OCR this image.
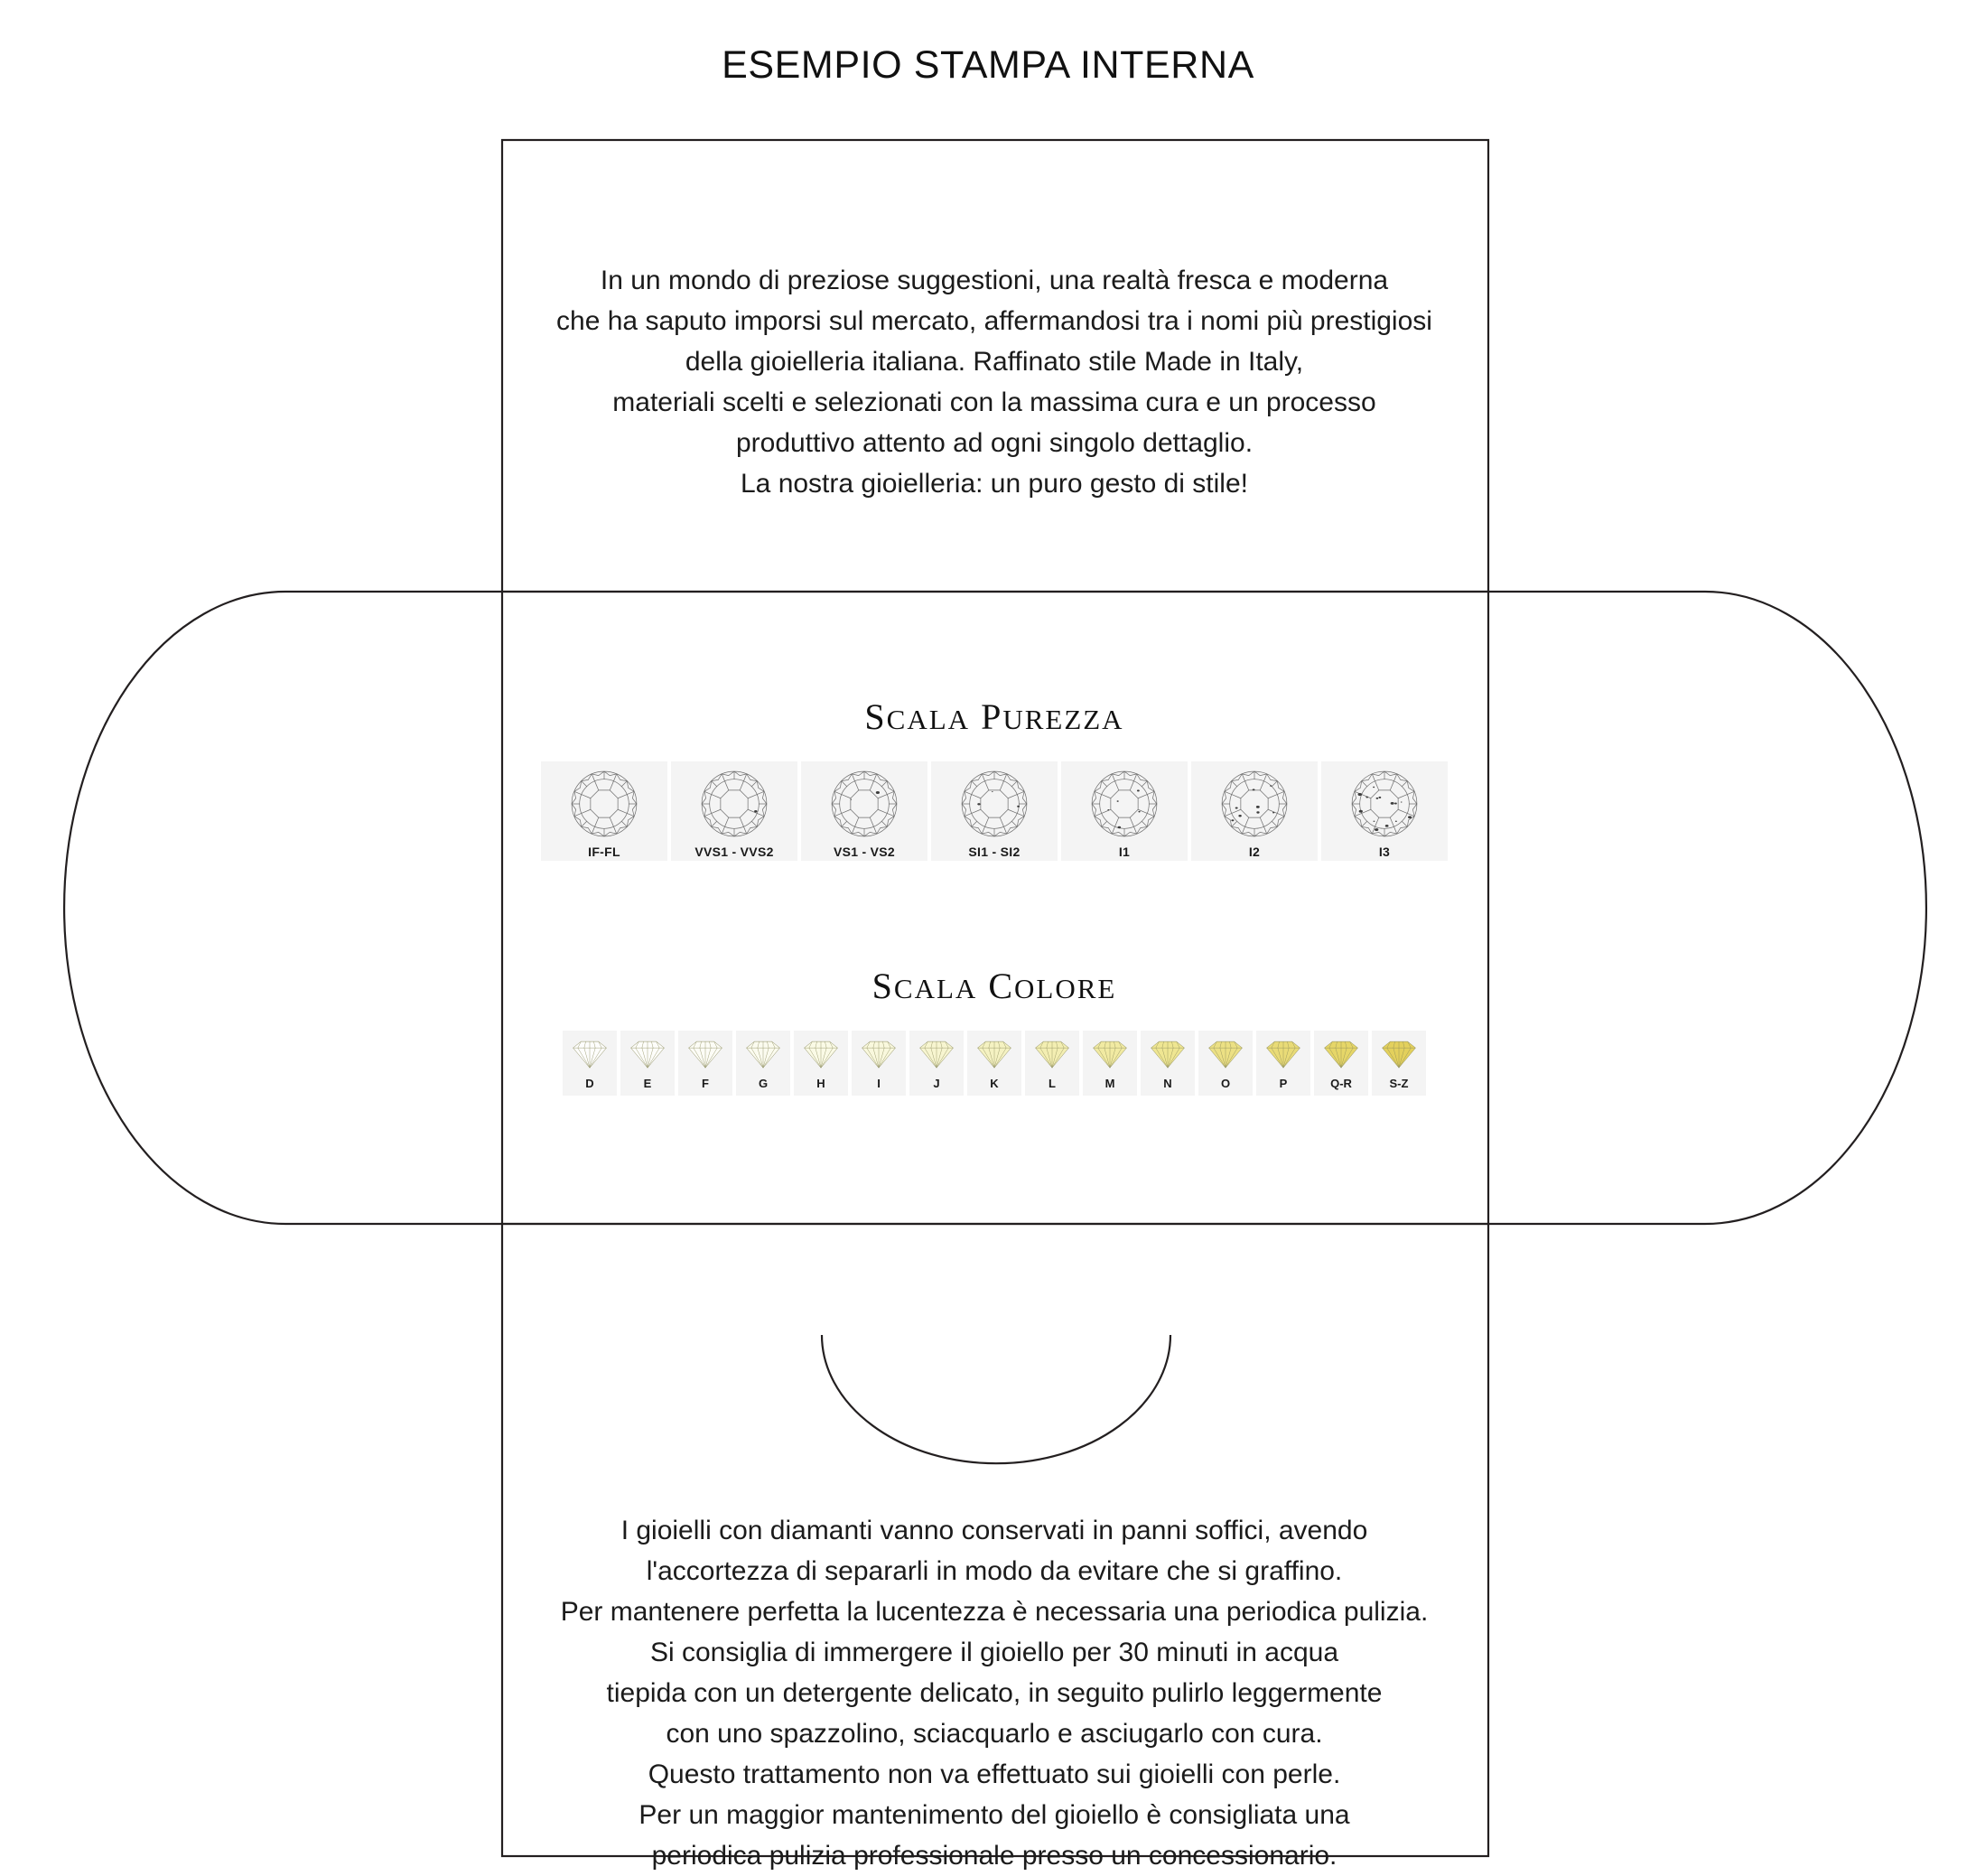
ESEMPIO STAMPA INTERNA

In un mondo di preziose suggestioni, una realtà fresca e moderna

che ha saputo imporsi sul mercato, affermandosi tra i nomi più prestigiosi

della gioielleria italiana. Raffinato stile Made in Italy,

materiali scelti e selezionati con la massima cura e un processo

produttivo attento ad ogni singolo dettaglio.

La nostra gioielleria: un puro gesto di stile!

SCALA PUREZZA
IF-FL	VVS1 - VVS2	VS1 - VS2	SI1 - SI2	I1	I2	I3
SCALA COLORE
D	E	F	G	H	I	J	K	L	M	N	O	P	Q-R	S-Z

I gioielli con diamanti vanno conservati in panni soffici, avendo

l'accortezza di separarli in modo da evitare che si graffino.

Per mantenere perfetta la lucentezza è necessaria una periodica pulizia.

Si consiglia di immergere il gioiello per 30 minuti in acqua

tiepida con un detergente delicato, in seguito pulirlo leggermente

con uno spazzolino, sciacquarlo e asciugarlo con cura.

Questo trattamento non va effettuato sui gioielli con perle.

Per un maggior mantenimento del gioiello è consigliata una

periodica pulizia professionale presso un concessionario.
